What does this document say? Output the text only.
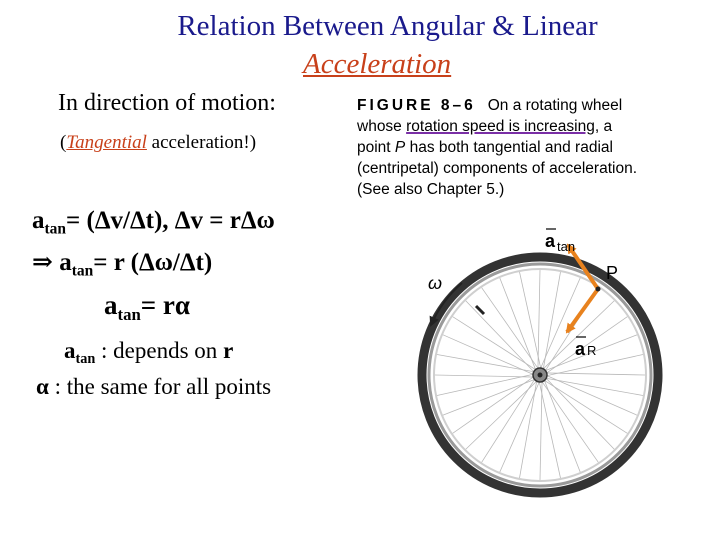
Relation Between Angular & Linear
Acceleration
In direction of motion:
(Tangential acceleration!)
$a_{tan}= (\Delta v/\Delta t)$, Δv = rΔω
⇒ $a_{tan}= r$ (Δω/Δt)
$a_{tan}= r\alpha$
$a_{tan}$ : depends on r
α : the same for all points
FIGURE 8–6 On a rotating wheel
whose rotation speed is increasing, a
point P has both tangential and radial
(centripetal) components of acceleration.
(See also Chapter 5.)
ω	P
a tan
a R
